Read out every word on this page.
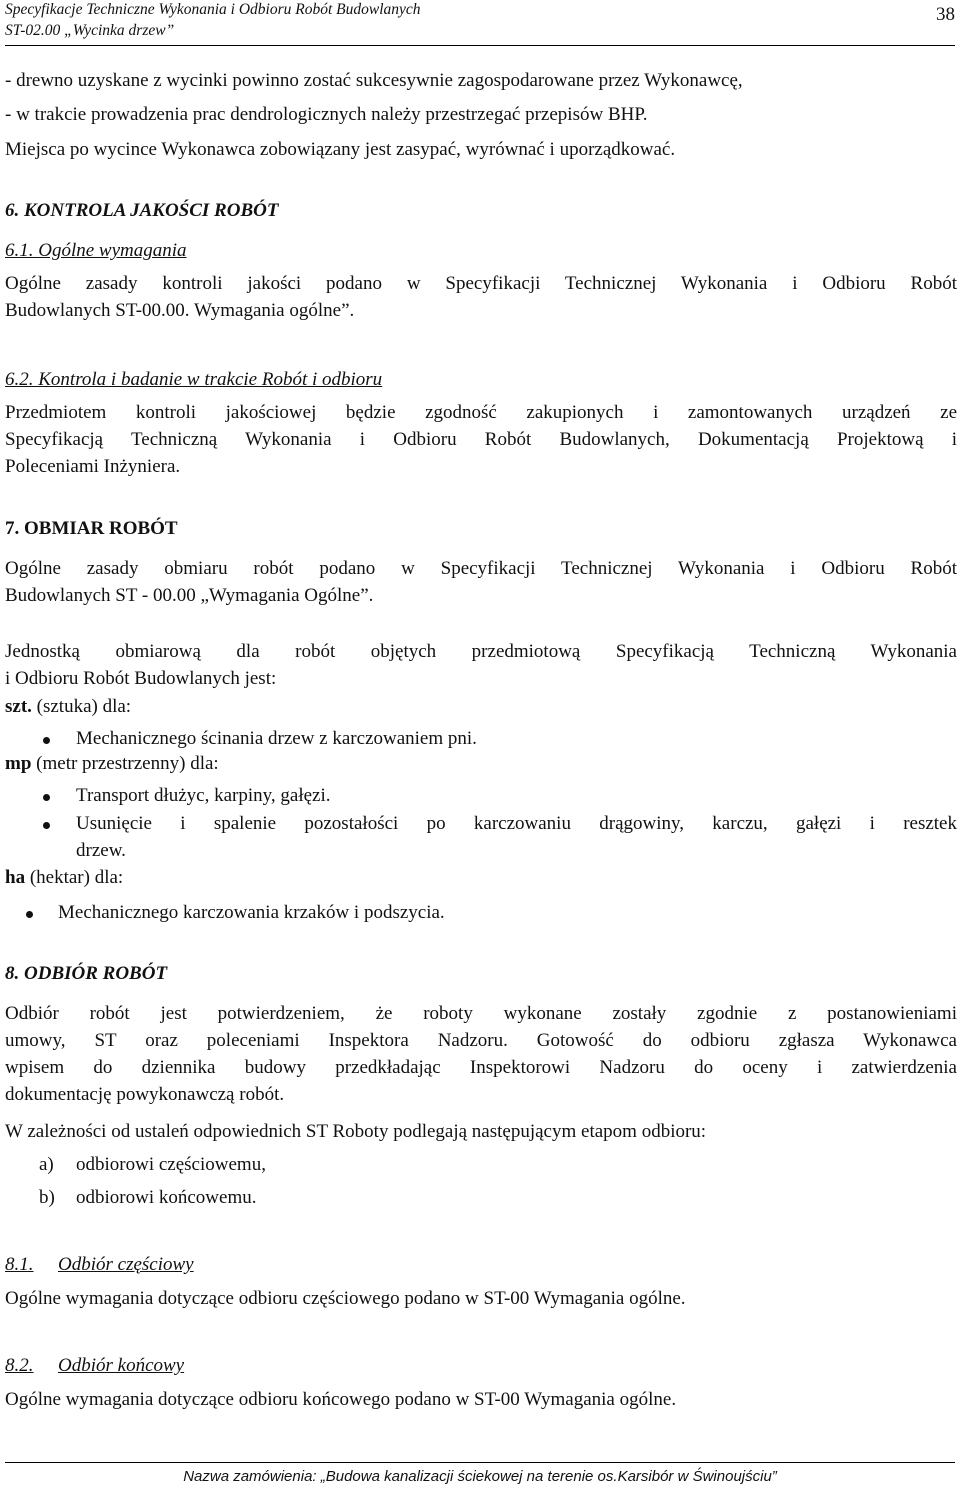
Specyfikacje Techniczne Wykonania i Odbioru Robót Budowlanych
ST-02.00 „Wycinka drzew”
38
- drewno uzyskane z wycinki powinno zostać sukcesywnie zagospodarowane przez Wykonawcę,
- w trakcie prowadzenia prac dendrologicznych należy przestrzegać przepisów BHP.
Miejsca po wycince Wykonawca zobowiązany jest zasypać, wyrównać i uporządkować.
6. KONTROLA JAKOŚCI ROBÓT
6.1. Ogólne wymagania
Ogólne zasady kontroli jakości podano w Specyfikacji Technicznej Wykonania i Odbioru Robót
Budowlanych ST-00.00. Wymagania ogólne”.
6.2. Kontrola i badanie w trakcie Robót i odbioru
Przedmiotem kontroli jakościowej będzie zgodność zakupionych i zamontowanych urządzeń ze
Specyfikacją Techniczną Wykonania i Odbioru Robót Budowlanych, Dokumentacją Projektową i
Poleceniami Inżyniera.
7. OBMIAR ROBÓT
Ogólne zasady obmiaru robót podano w Specyfikacji Technicznej Wykonania i Odbioru Robót
Budowlanych ST - 00.00 „Wymagania Ogólne”.
Jednostką obmiarową dla robót objętych przedmiotową Specyfikacją Techniczną Wykonania
i Odbioru Robót Budowlanych jest:
szt. (sztuka) dla:
Mechanicznego ścinania drzew z karczowaniem pni.
mp (metr przestrzenny) dla:
Transport dłużyc, karpiny, gałęzi.
Usunięcie i spalenie pozostałości po karczowaniu drągowiny, karczu, gałęzi i resztek
drzew.
ha (hektar) dla:
Mechanicznego karczowania krzaków i podszycia.
8. ODBIÓR ROBÓT
Odbiór robót jest potwierdzeniem, że roboty wykonane zostały zgodnie z postanowieniami
umowy, ST oraz poleceniami Inspektora Nadzoru. Gotowość do odbioru zgłasza Wykonawca
wpisem do dziennika budowy przedkładając Inspektorowi Nadzoru do oceny i zatwierdzenia
dokumentację powykonawczą robót.
W zależności od ustaleń odpowiednich ST Roboty podlegają następującym etapom odbioru:
a) odbiorowi częściowemu,
b) odbiorowi końcowemu.
8.1. Odbiór częściowy
Ogólne wymagania dotyczące odbioru częściowego podano w ST-00 Wymagania ogólne.
8.2. Odbiór końcowy
Ogólne wymagania dotyczące odbioru końcowego podano w ST-00 Wymagania ogólne.
Nazwa zamówienia: „Budowa kanalizacji ściekowej na terenie os.Karsibór w Świnoujściu”
